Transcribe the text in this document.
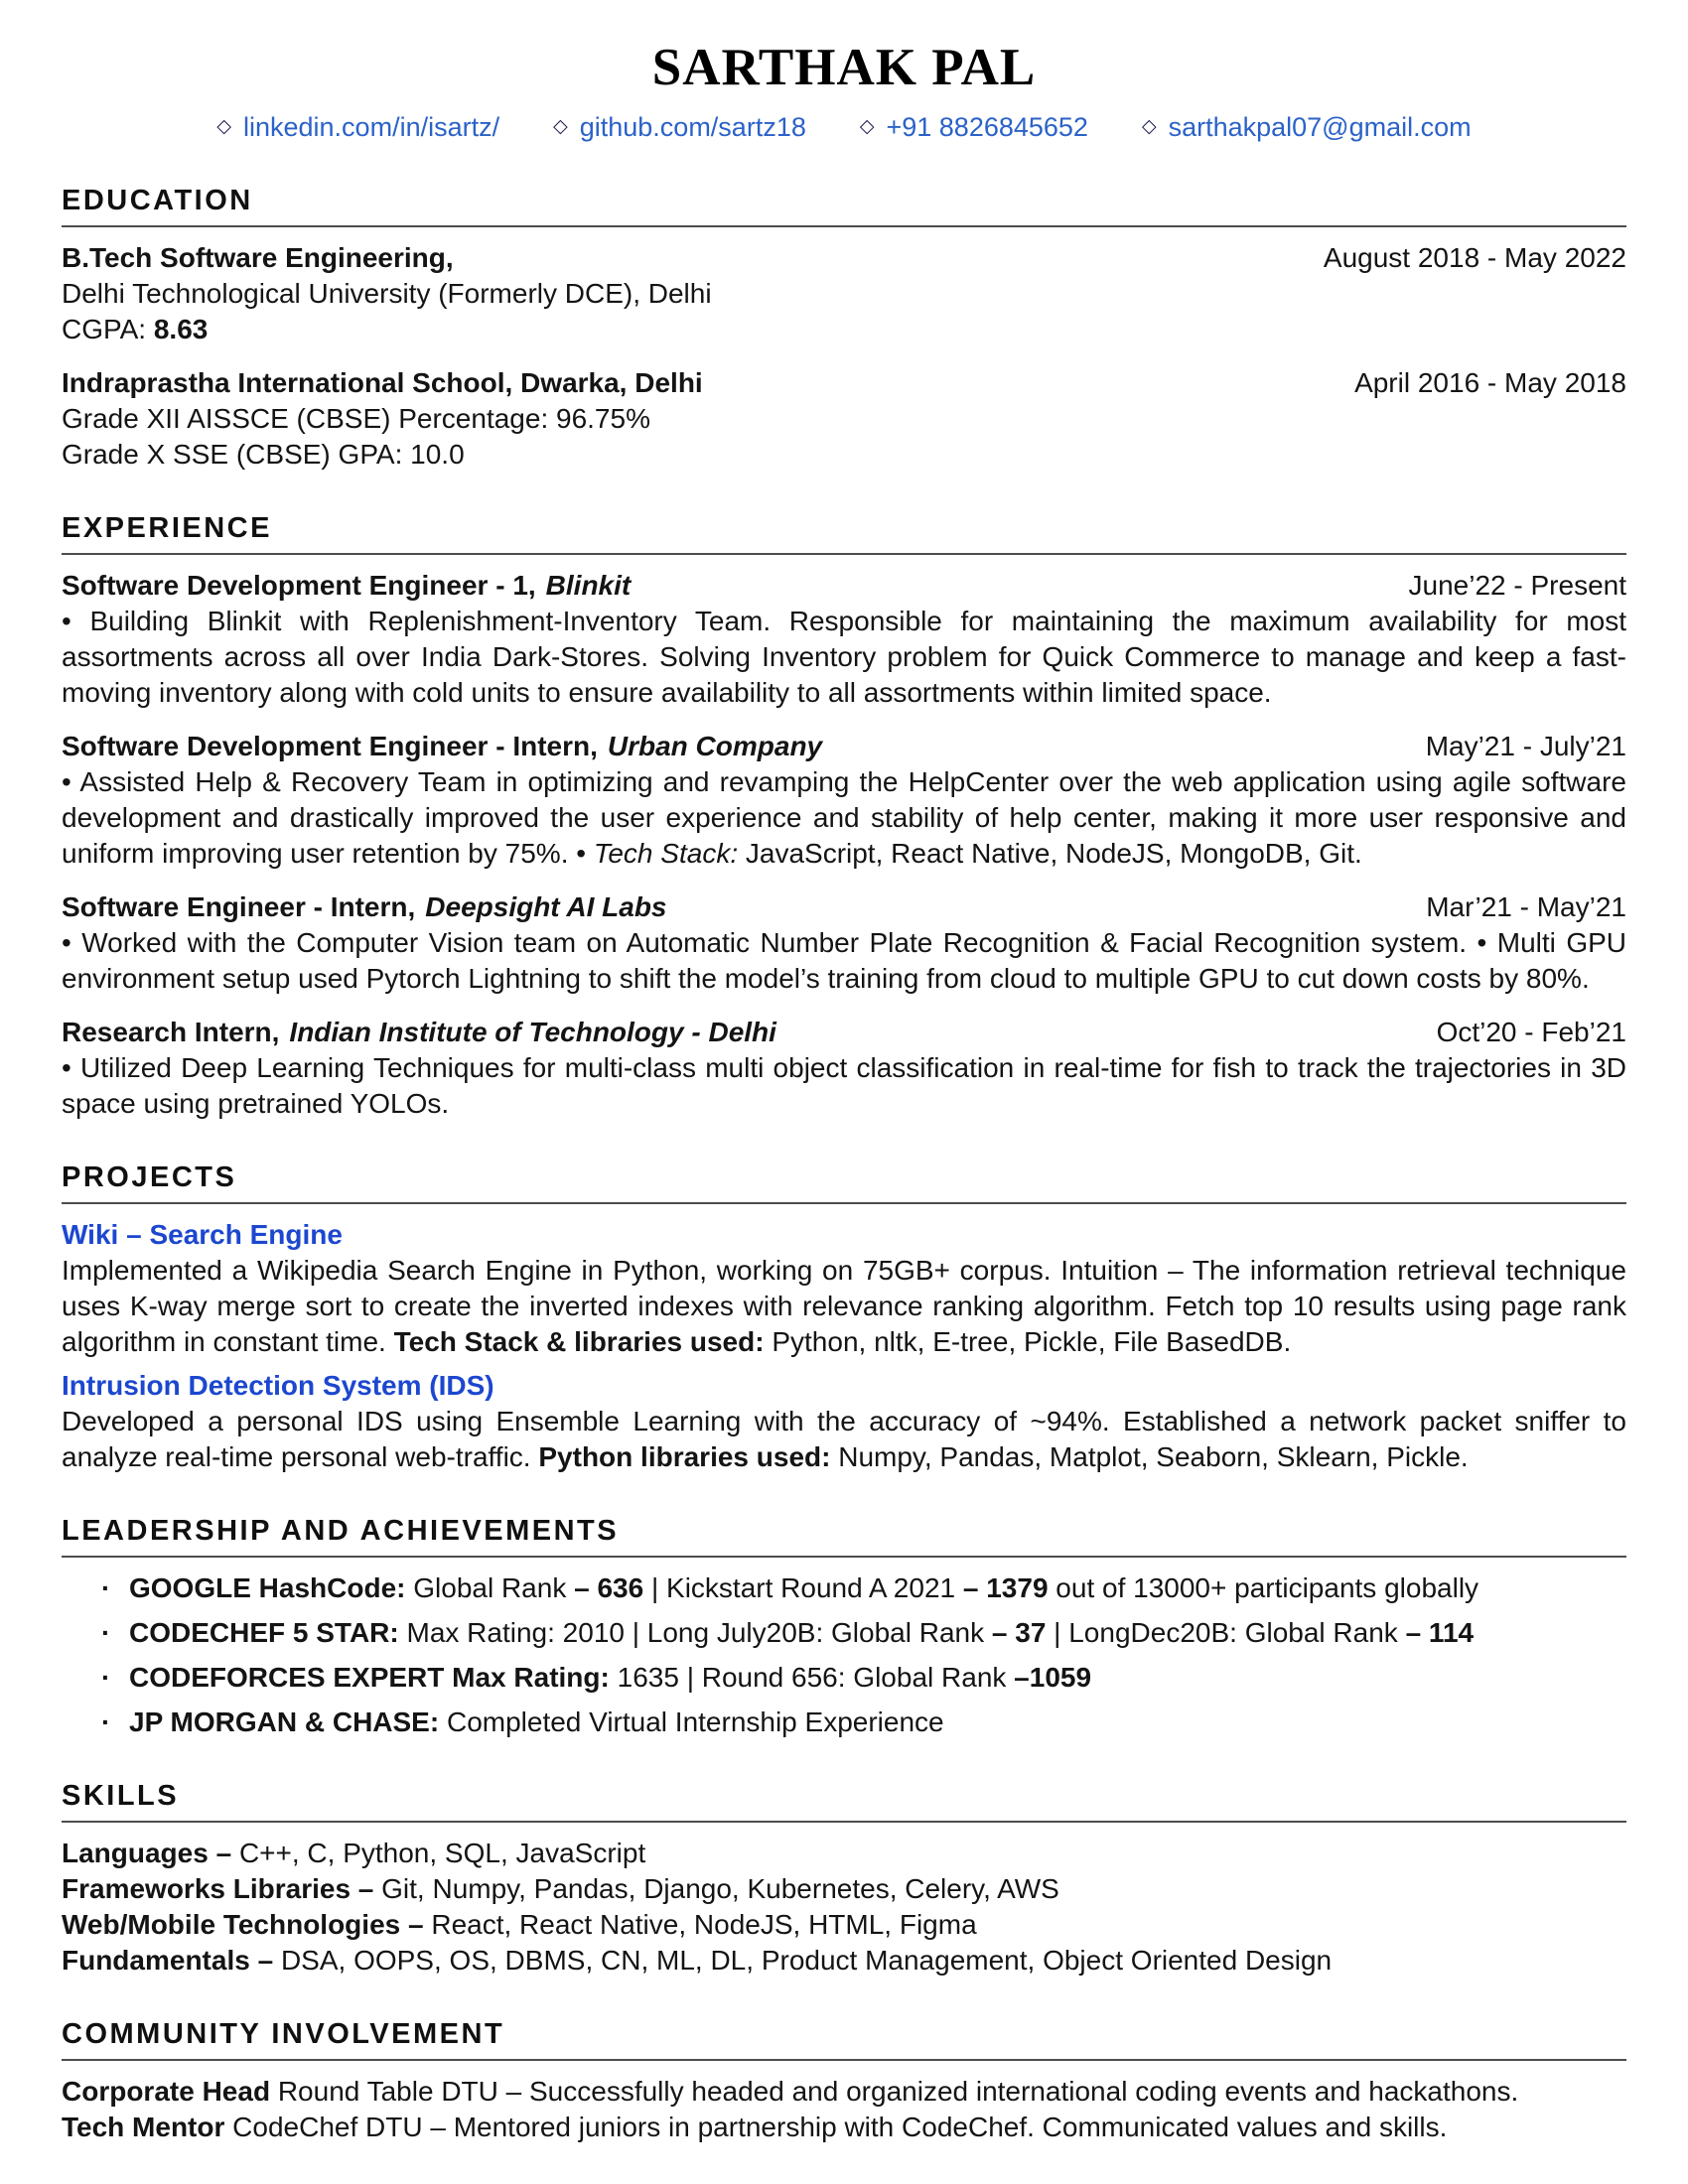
SARTHAK PAL
◇ linkedin.com/in/isartz/	◇ github.com/sartz18	◇ +91 8826845652	◇ sarthakpal07@gmail.com
EDUCATION
B.Tech Software Engineering,	August 2018 - May 2022
Delhi Technological University (Formerly DCE), Delhi
CGPA: 8.63
Indraprastha International School, Dwarka, Delhi	April 2016 - May 2018
Grade XII AISSCE (CBSE) Percentage: 96.75%
Grade X SSE (CBSE) GPA: 10.0
EXPERIENCE
Software Development Engineer - 1, Blinkit	June’22 - Present

• Building Blinkit with Replenishment-Inventory Team. Responsible for maintaining the maximum availability for most assortments across all over India Dark-Stores. Solving Inventory problem for Quick Commerce to manage and keep a fast-moving inventory along with cold units to ensure availability to all assortments within limited space.

Software Development Engineer - Intern, Urban Company	May’21 - July’21

• Assisted Help & Recovery Team in optimizing and revamping the HelpCenter over the web application using agile software development and drastically improved the user experience and stability of help center, making it more user responsive and uniform improving user retention by 75%. • Tech Stack: JavaScript, React Native, NodeJS, MongoDB, Git.

Software Engineer - Intern, Deepsight AI Labs	Mar’21 - May’21

• Worked with the Computer Vision team on Automatic Number Plate Recognition & Facial Recognition system. • Multi GPU environment setup used Pytorch Lightning to shift the model’s training from cloud to multiple GPU to cut down costs by 80%.

Research Intern, Indian Institute of Technology - Delhi	Oct’20 - Feb’21

• Utilized Deep Learning Techniques for multi-class multi object classification in real-time for fish to track the trajectories in 3D space using pretrained YOLOs.

PROJECTS
Wiki – Search Engine

Implemented a Wikipedia Search Engine in Python, working on 75GB+ corpus. Intuition – The information retrieval technique uses K-way merge sort to create the inverted indexes with relevance ranking algorithm. Fetch top 10 results using page rank algorithm in constant time. Tech Stack & libraries used: Python, nltk, E-tree, Pickle, File BasedDB.

Intrusion Detection System (IDS)

Developed a personal IDS using Ensemble Learning with the accuracy of ~94%. Established a network packet sniffer to analyze real-time personal web-traffic. Python libraries used: Numpy, Pandas, Matplot, Seaborn, Sklearn, Pickle.

LEADERSHIP AND ACHIEVEMENTS
· GOOGLE HashCode: Global Rank – 636 | Kickstart Round A 2021 – 1379 out of 13000+ participants globally
· CODECHEF 5 STAR: Max Rating: 2010 | Long July20B: Global Rank – 37 | LongDec20B: Global Rank – 114
· CODEFORCES EXPERT Max Rating: 1635 | Round 656: Global Rank –1059
· JP MORGAN & CHASE: Completed Virtual Internship Experience
SKILLS
Languages – C++, C, Python, SQL, JavaScript
Frameworks Libraries – Git, Numpy, Pandas, Django, Kubernetes, Celery, AWS
Web/Mobile Technologies – React, React Native, NodeJS, HTML, Figma
Fundamentals – DSA, OOPS, OS, DBMS, CN, ML, DL, Product Management, Object Oriented Design
COMMUNITY INVOLVEMENT
Corporate Head Round Table DTU – Successfully headed and organized international coding events and hackathons.
Tech Mentor CodeChef DTU – Mentored juniors in partnership with CodeChef. Communicated values and skills.
